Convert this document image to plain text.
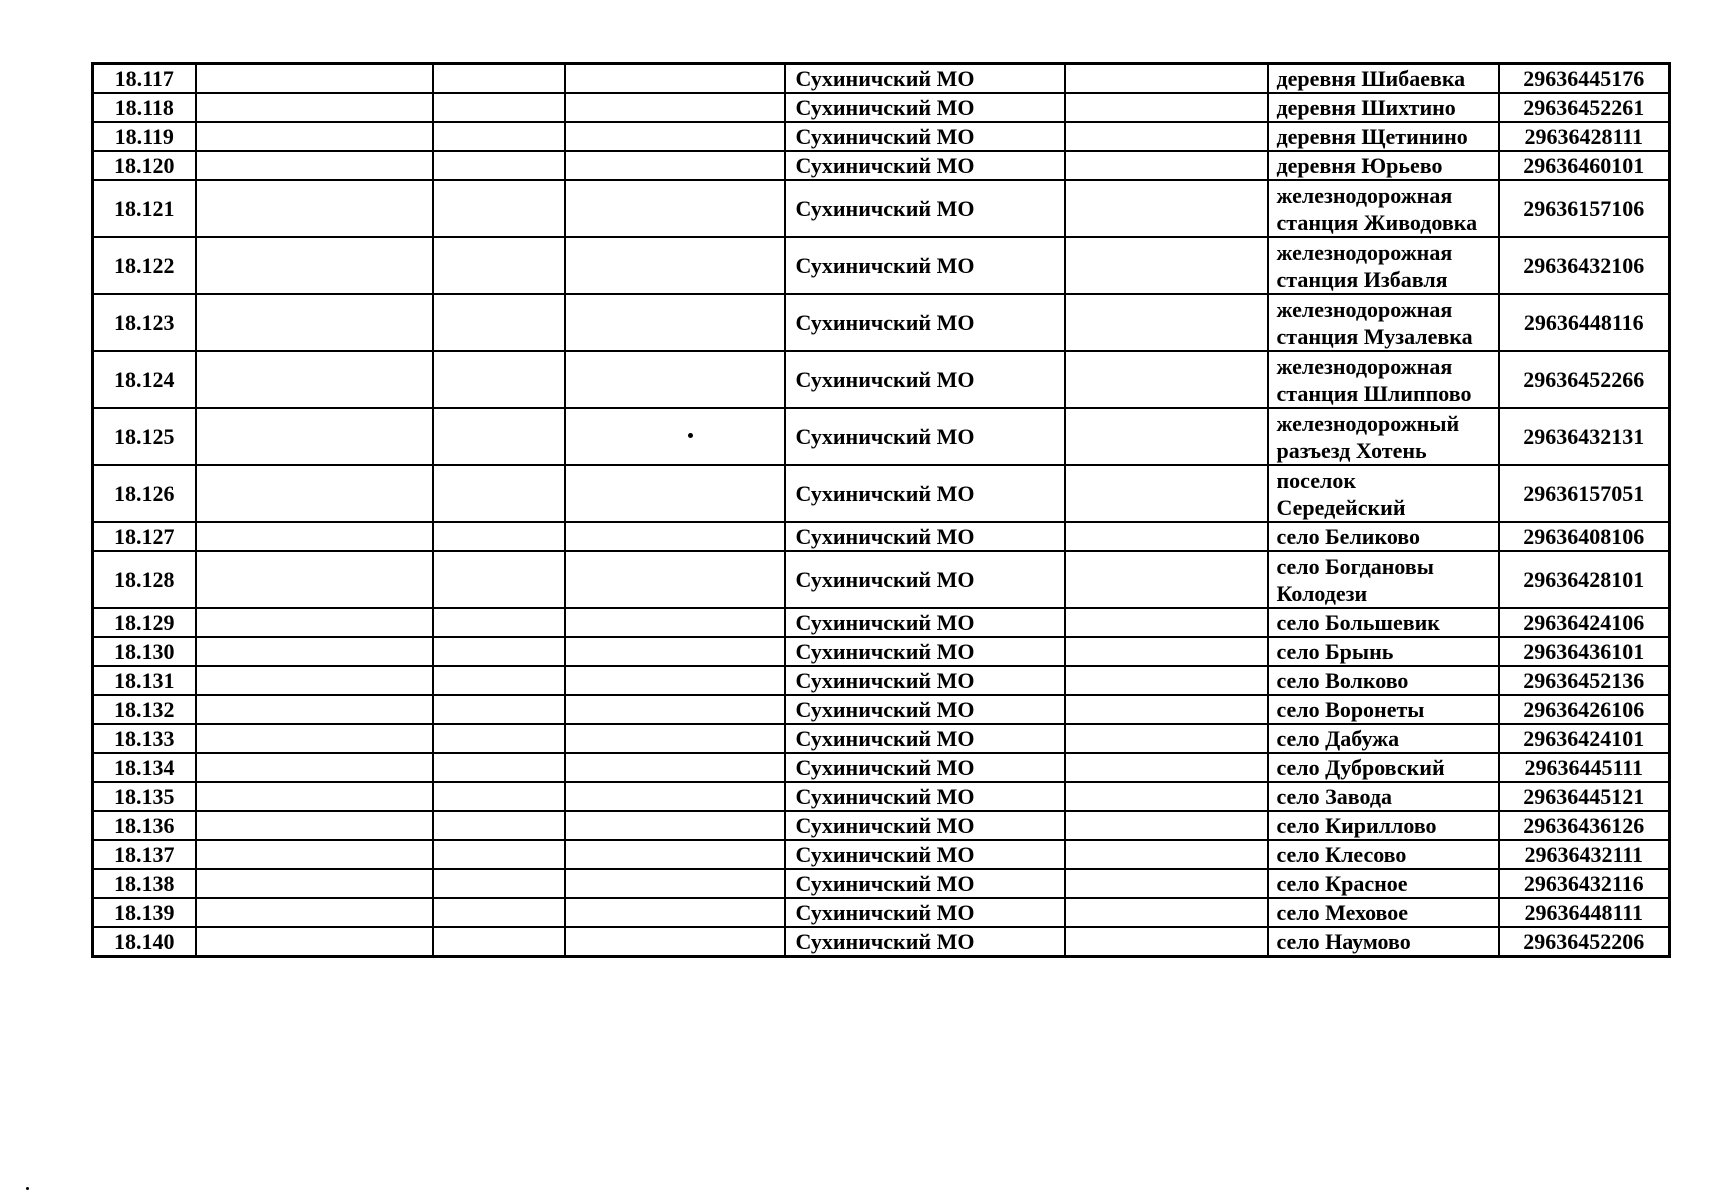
18.117				Сухиничский МО		деревня Шибаевка	29636445176
18.118				Сухиничский МО		деревня Шихтино	29636452261
18.119				Сухиничский МО		деревня Щетинино	29636428111
18.120				Сухиничский МО		деревня Юрьево	29636460101
18.121				Сухиничский МО		железнодорожная
станция Живодовка	29636157106
18.122				Сухиничский МО		железнодорожная
станция Избавля	29636432106
18.123				Сухиничский МО		железнодорожная
станция Музалевка	29636448116
18.124				Сухиничский МО		железнодорожная
станция Шлиппово	29636452266
18.125				Сухиничский МО		железнодорожный
разъезд Хотень	29636432131
18.126				Сухиничский МО		поселок
Середейский	29636157051
18.127				Сухиничский МО		село Беликово	29636408106
18.128				Сухиничский МО		село Богдановы
Колодези	29636428101
18.129				Сухиничский МО		село Большевик	29636424106
18.130				Сухиничский МО		село Брынь	29636436101
18.131				Сухиничский МО		село Волково	29636452136
18.132				Сухиничский МО		село Воронеты	29636426106
18.133				Сухиничский МО		село Дабужа	29636424101
18.134				Сухиничский МО		село Дубровский	29636445111
18.135				Сухиничский МО		село Завода	29636445121
18.136				Сухиничский МО		село Кириллово	29636436126
18.137				Сухиничский МО		село Клесово	29636432111
18.138				Сухиничский МО		село Красное	29636432116
18.139				Сухиничский МО		село Меховое	29636448111
18.140				Сухиничский МО		село Наумово	29636452206
